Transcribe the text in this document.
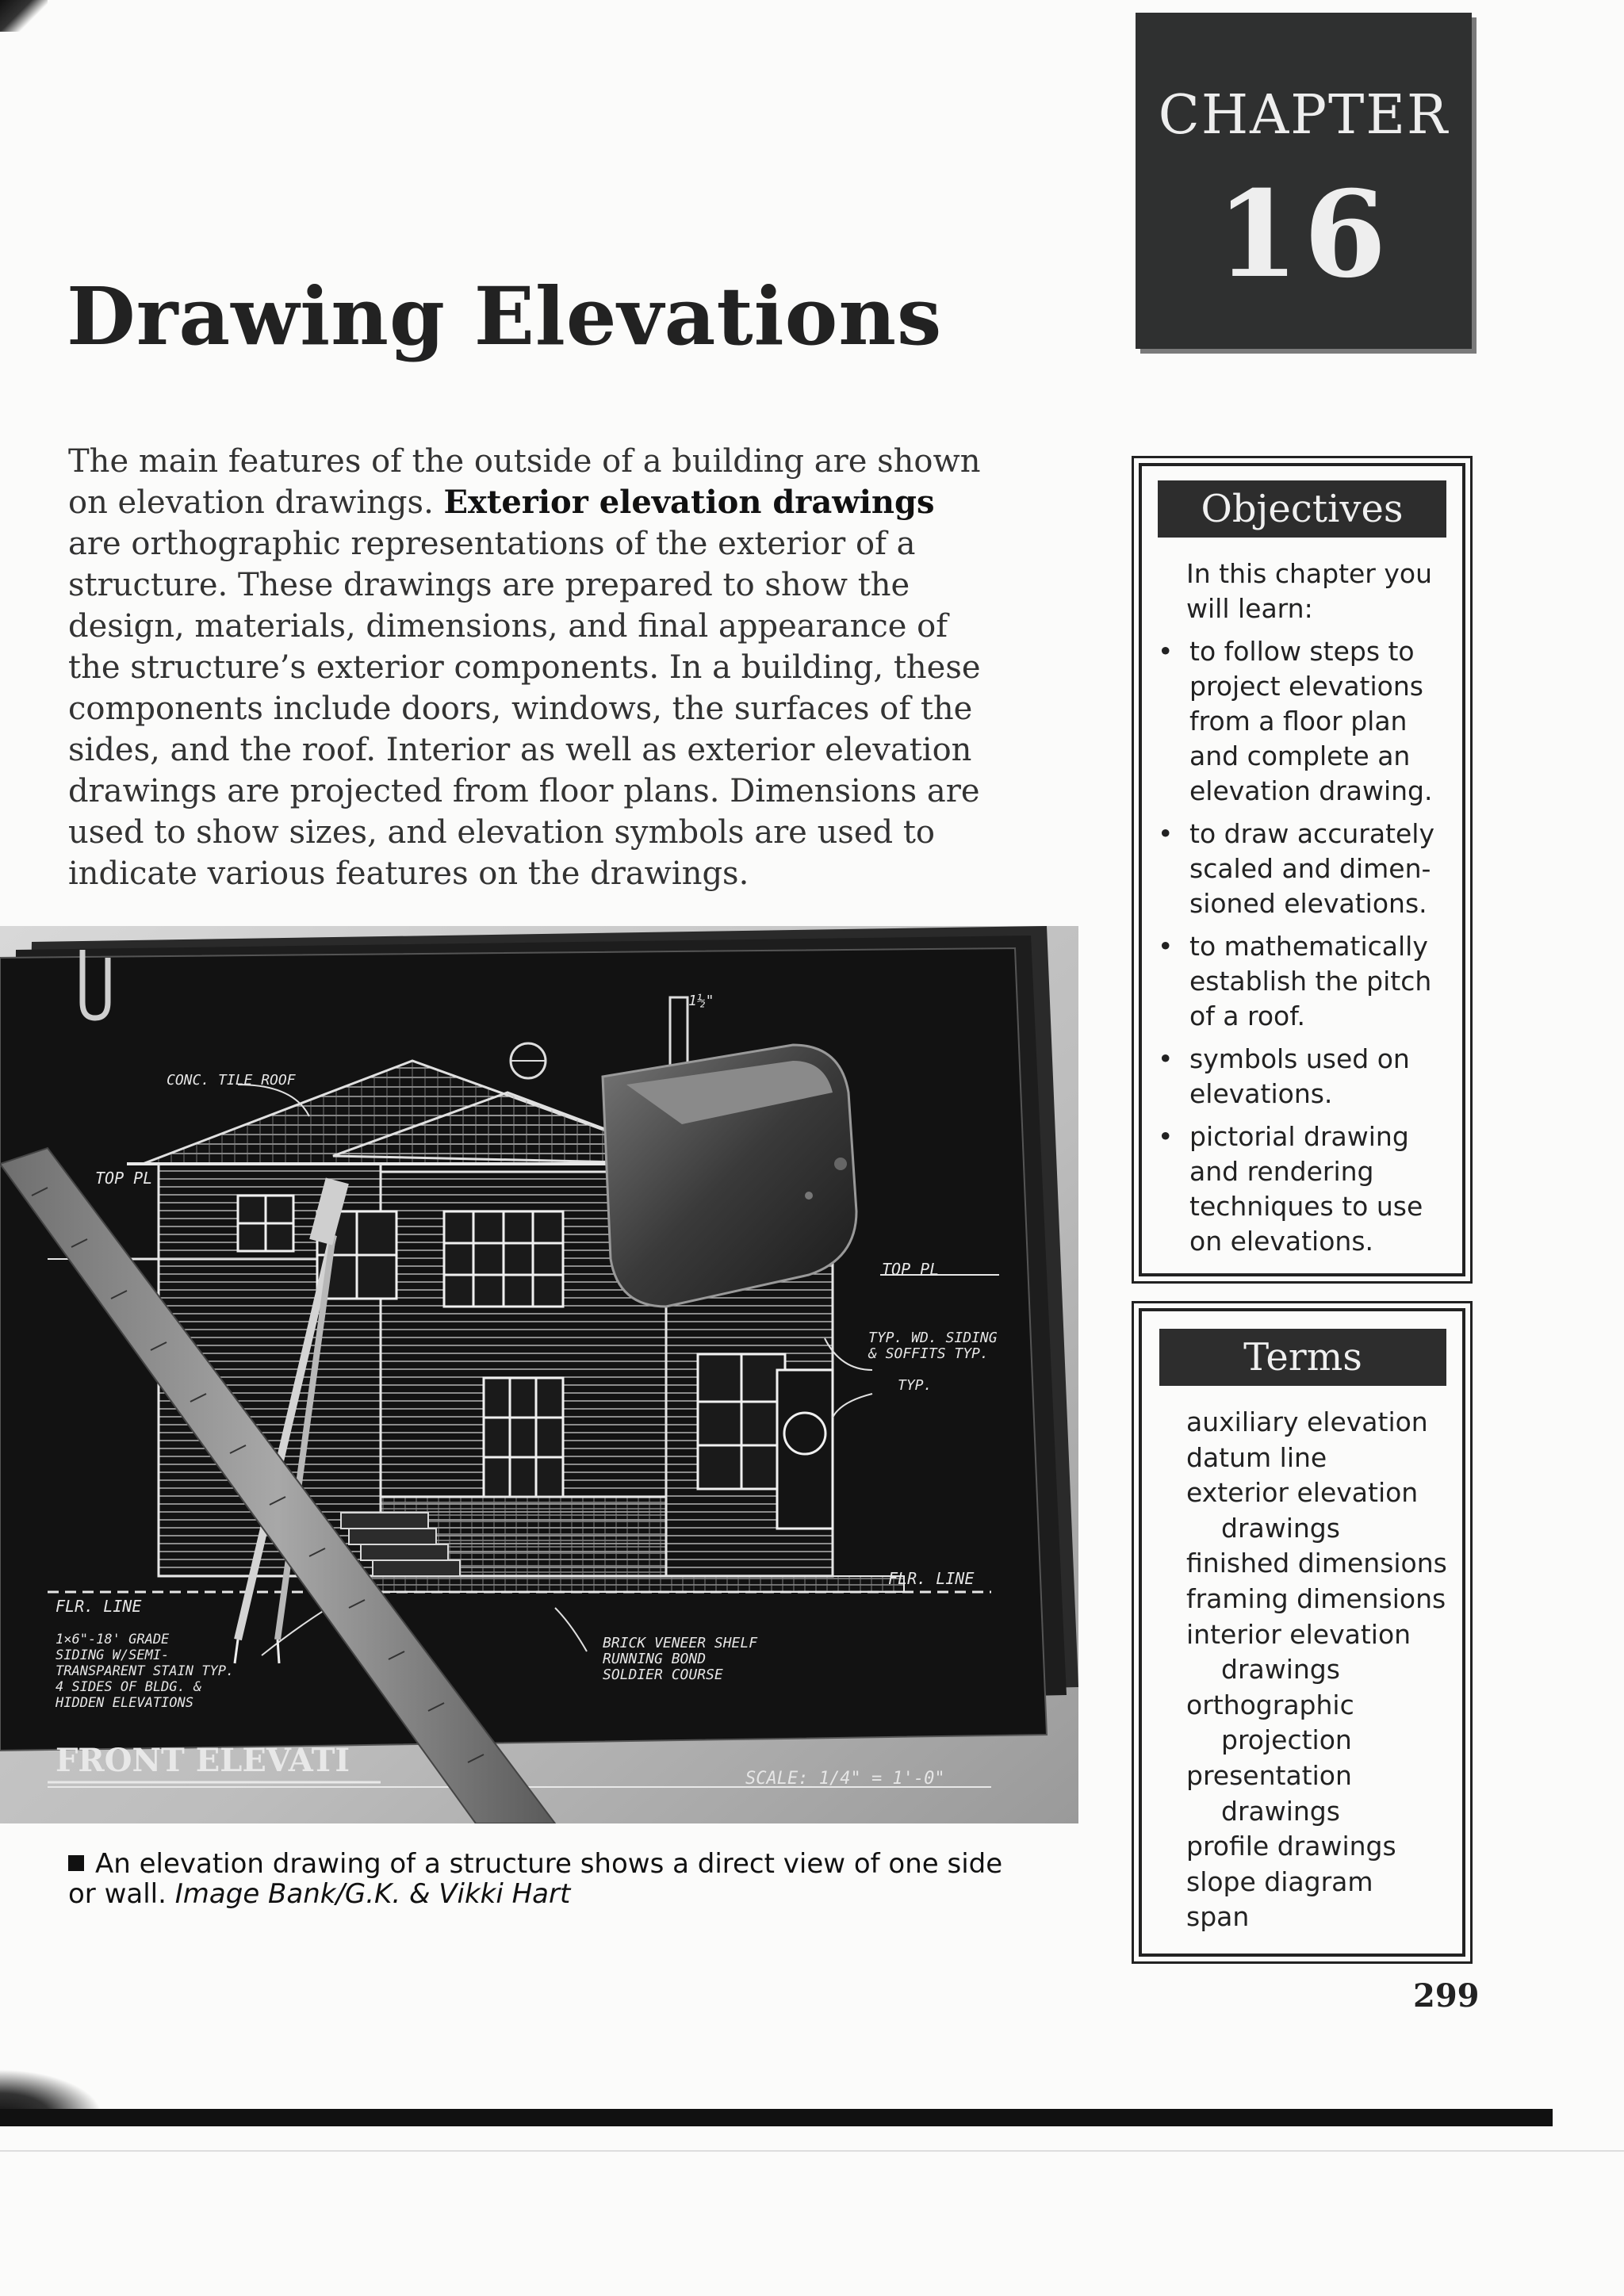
CHAPTER
16
Drawing Elevations

The main features of the outside of a building are shown on elevation drawings. Exterior elevation drawings are orthographic representations of the exterior of a structure. These drawings are prepared to show the design, materials, dimensions, and final appearance of the structure’s exterior components. In a building, these components include doors, windows, the surfaces of the sides, and the roof. Interior as well as exterior elevation drawings are projected from floor plans. Dimensions are used to show sizes, and elevation symbols are used to indicate various features on the drawings.

CONC. TILE ROOF
TOP PL
TOP PL
TYP. WD. SIDING
& SOFFITS TYP.
TYP.
FLR. LINE
FLR. LINE
BRICK VENEER SHELF
RUNNING BOND
SOLDIER COURSE
1×6"-18' GRADE
SIDING W/SEMI-
TRANSPARENT STAIN TYP.
4 SIDES OF BLDG. &
HIDDEN ELEVATIONS
1½"
SCALE: 1/4" = 1'-0"
FRONT ELEVATI
An elevation drawing of a structure shows a direct view of one side or wall. Image Bank/G.K. & Vikki Hart
Objectives
In this chapter you will learn:
• to follow steps to project elevations from a floor plan and complete an elevation drawing.
• to draw accurately scaled and dimensioned elevations.
• to mathematically establish the pitch of a roof.
• symbols used on elevations.
• pictorial drawing and rendering techniques to use on elevations.
Terms
auxiliary elevation
datum line
exterior elevation drawings
finished dimensions
framing dimensions
interior elevation drawings
orthographic projection
presentation drawings
profile drawings
slope diagram
span
299
